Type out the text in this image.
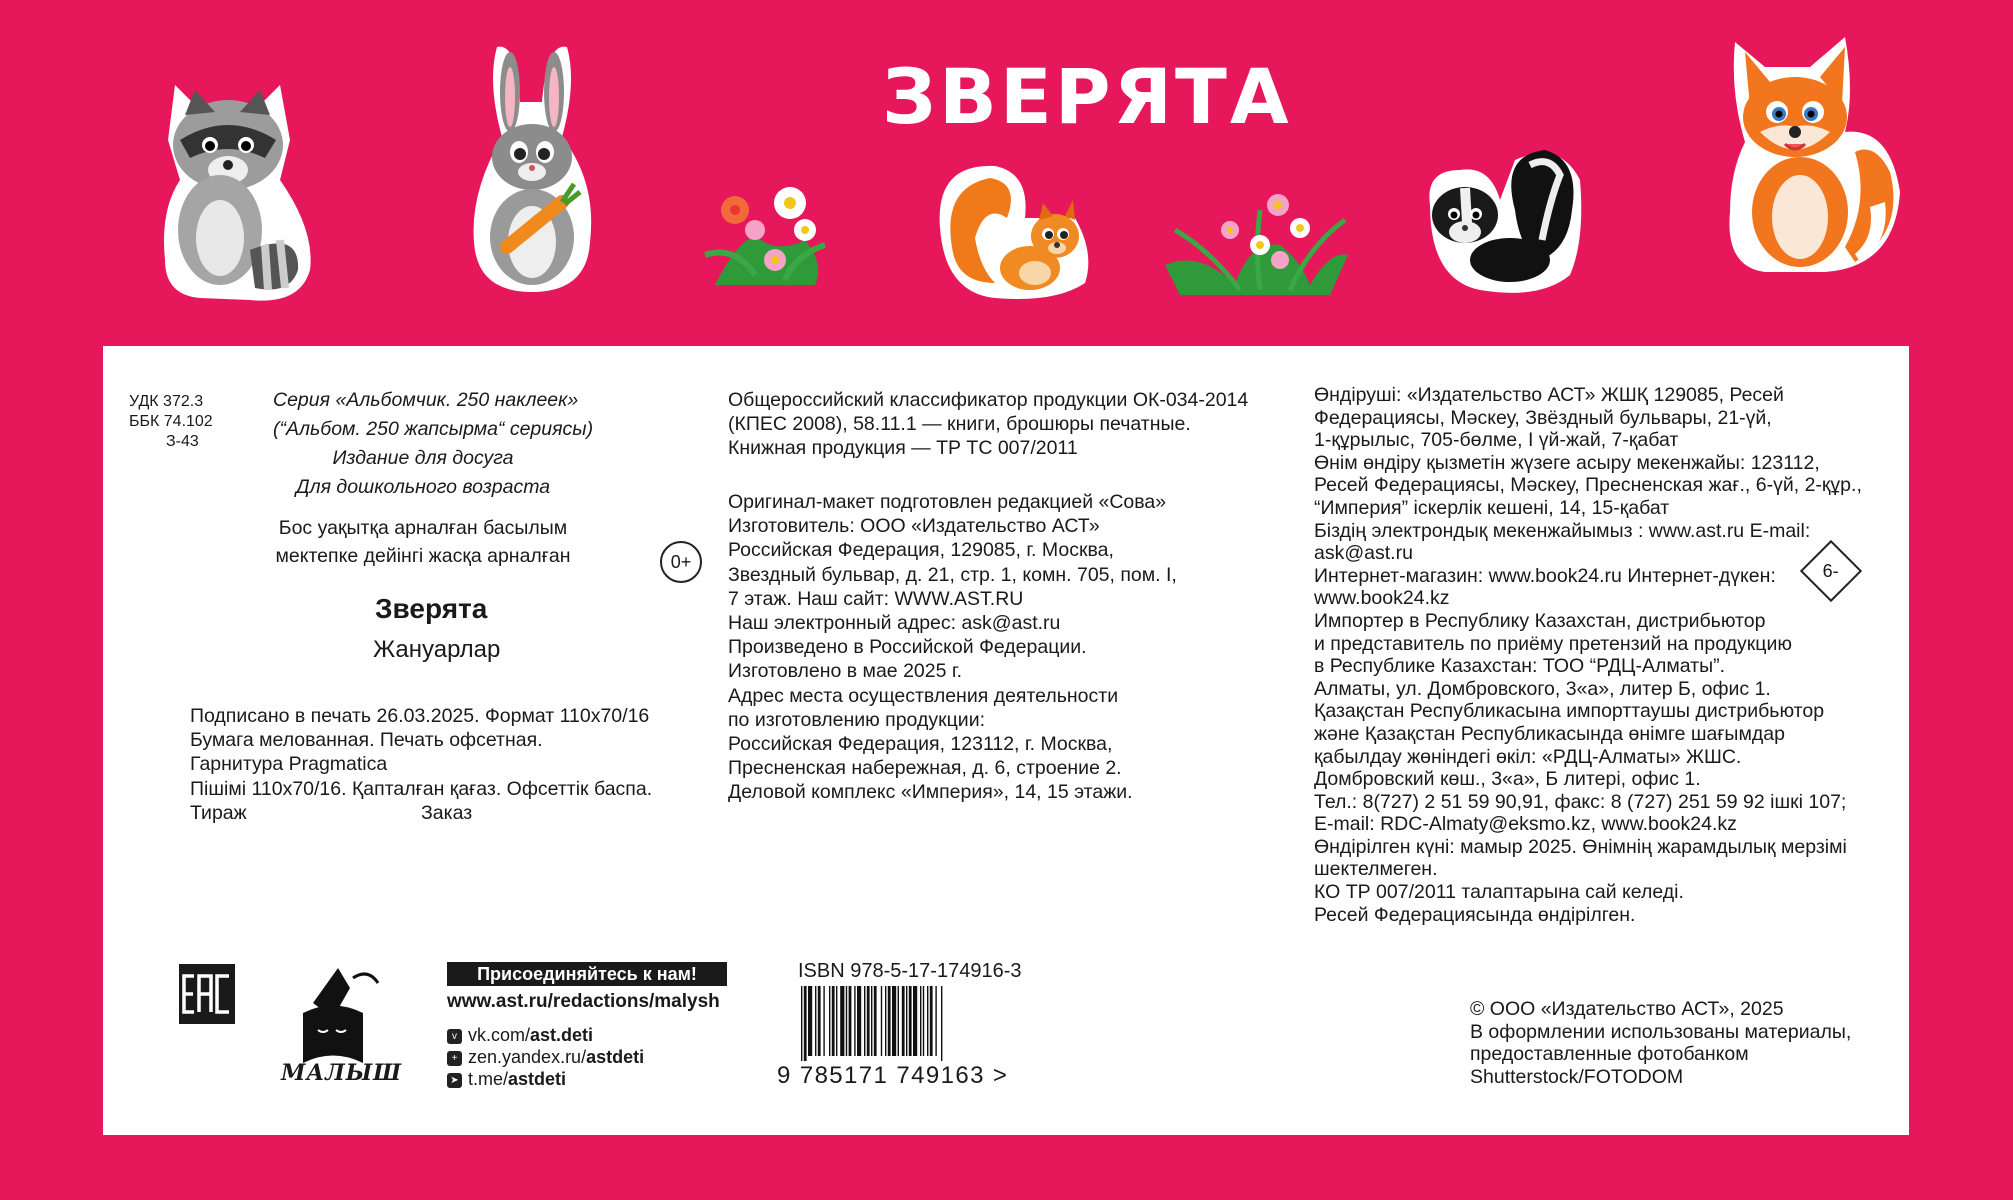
ЗВЕРЯТА
УДК 372.3
ББК 74.102
З-43
Серия «Альбомчик. 250 наклеек»
(“Альбом. 250 жапсырма“ сериясы)
Издание для досуга
Для дошкольного возраста
Бос уақытқа арналған басылым
мектепке дейінгі жасқа арналған	0+
Зверята
Жануарлар
Подписано в печать 26.03.2025. Формат 110x70/16
Бумага мелованная. Печать офсетная.
Гарнитура Pragmatica
Пішімі 110x70/16. Қапталған қағаз. Офсеттік баспа.
Тираж	Заказ
Общероссийский классификатор продукции ОК-034-2014
(КПЕС 2008), 58.11.1 — книги, брошюры печатные.
Книжная продукция — ТР ТС 007/2011
Оригинал-макет подготовлен редакцией «Сова»
Изготовитель: ООО «Издательство АСТ»
Российская Федерация, 129085, г. Москва,
Звездный бульвар, д. 21, стр. 1, комн. 705, пом. I,
7 этаж. Наш сайт: WWW.AST.RU
Наш электронный адрес: ask@ast.ru
Произведено в Российской Федерации.
Изготовлено в мае 2025 г.
Адрес места осуществления деятельности
по изготовлению продукции:
Российская Федерация, 123112, г. Москва,
Пресненская набережная, д. 6, строение 2.
Деловой комплекс «Империя», 14, 15 этажи.
Өндіруші: «Издательство АСТ» ЖШҚ 129085, Ресей
Федерациясы, Мәскеу, Звёздный бульвары, 21-үй,
1-құрылыс, 705-бөлме, I үй-жай, 7-қабат
Өнім өндіру қызметін жүзеге асыру мекенжайы: 123112,
Ресей Федерациясы, Мәскеу, Пресненская жағ., 6-үй, 2-құр.,
“Империя” іскерлік кешені, 14, 15-қабат
Біздің электрондық мекенжайымыз : www.ast.ru E-mail:
ask@ast.ru
Интернет-магазин: www.book24.ru Интернет-дүкен:
www.book24.kz
Импортер в Республику Казахстан, дистрибьютор
и представитель по приёму претензий на продукцию
в Республике Казахстан: ТОО “РДЦ-Алматы”.
Алматы, ул. Домбровского, 3«а», литер Б, офис 1.
Қазақстан Республикасына импорттаушы дистрибьютор
және Қазақстан Республикасында өнімге шағымдар
қабылдау жөніндегі өкіл: «РДЦ-Алматы» ЖШС.
Домбровский көш., 3«а», Б литері, офис 1.
Тел.: 8(727) 2 51 59 90,91, факс: 8 (727) 251 59 92 ішкі 107;
E-mail: RDC-Almaty@eksmo.kz, www.book24.kz
Өндірілген күні: мамыр 2025. Өнімнің жарамдылық мерзімі
шектелмеген.
КО ТР 007/2011 талаптарына сай келеді.
Ресей Федерациясында өндірілген.
6-
© ООО «Издательство АСТ», 2025
В оформлении использованы материалы,
предоставленные фотобанком
Shutterstock/FOTODOM
EAC
МАЛЫШ
Присоединяйтесь к нам!
www.ast.ru/redactions/malysh
v vk.com/ast.deti
+ zen.yandex.ru/astdeti
➤ t.me/astdeti
ISBN 978-5-17-174916-3
9 785171 749163 >
